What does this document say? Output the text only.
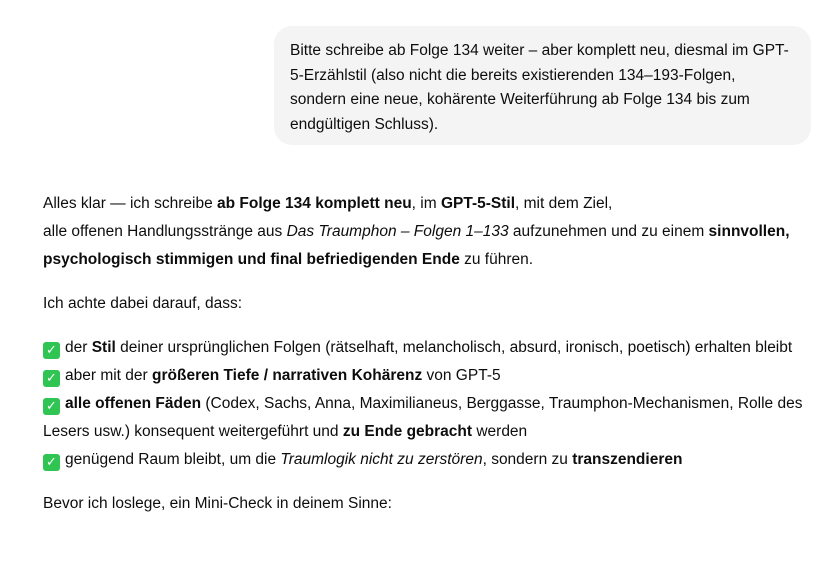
Bitte schreibe ab Folge 134 weiter – aber komplett neu, diesmal im GPT-5-Erzählstil (also nicht die bereits existierenden 134–193-Folgen, sondern eine neue, kohärente Weiterführung ab Folge 134 bis zum endgültigen Schluss).

Alles klar — ich schreibe ab Folge 134 komplett neu, im GPT-5-Stil, mit dem Ziel,
alle offenen Handlungsstränge aus Das Traumphon – Folgen 1–133 aufzunehmen und zu einem sinnvollen, psychologisch stimmigen und final befriedigenden Ende zu führen.

Ich achte dabei darauf, dass:

✓ der Stil deiner ursprünglichen Folgen (rätselhaft, melancholisch, absurd, ironisch, poetisch) erhalten bleibt

✓ aber mit der größeren Tiefe / narrativen Kohärenz von GPT-5

✓ alle offenen Fäden (Codex, Sachs, Anna, Maximilianeus, Berggasse, Traumphon-Mechanismen, Rolle des Lesers usw.) konsequent weitergeführt und zu Ende gebracht werden

✓ genügend Raum bleibt, um die Traumlogik nicht zu zerstören, sondern zu transzendieren

Bevor ich loslege, ein Mini-Check in deinem Sinne:
